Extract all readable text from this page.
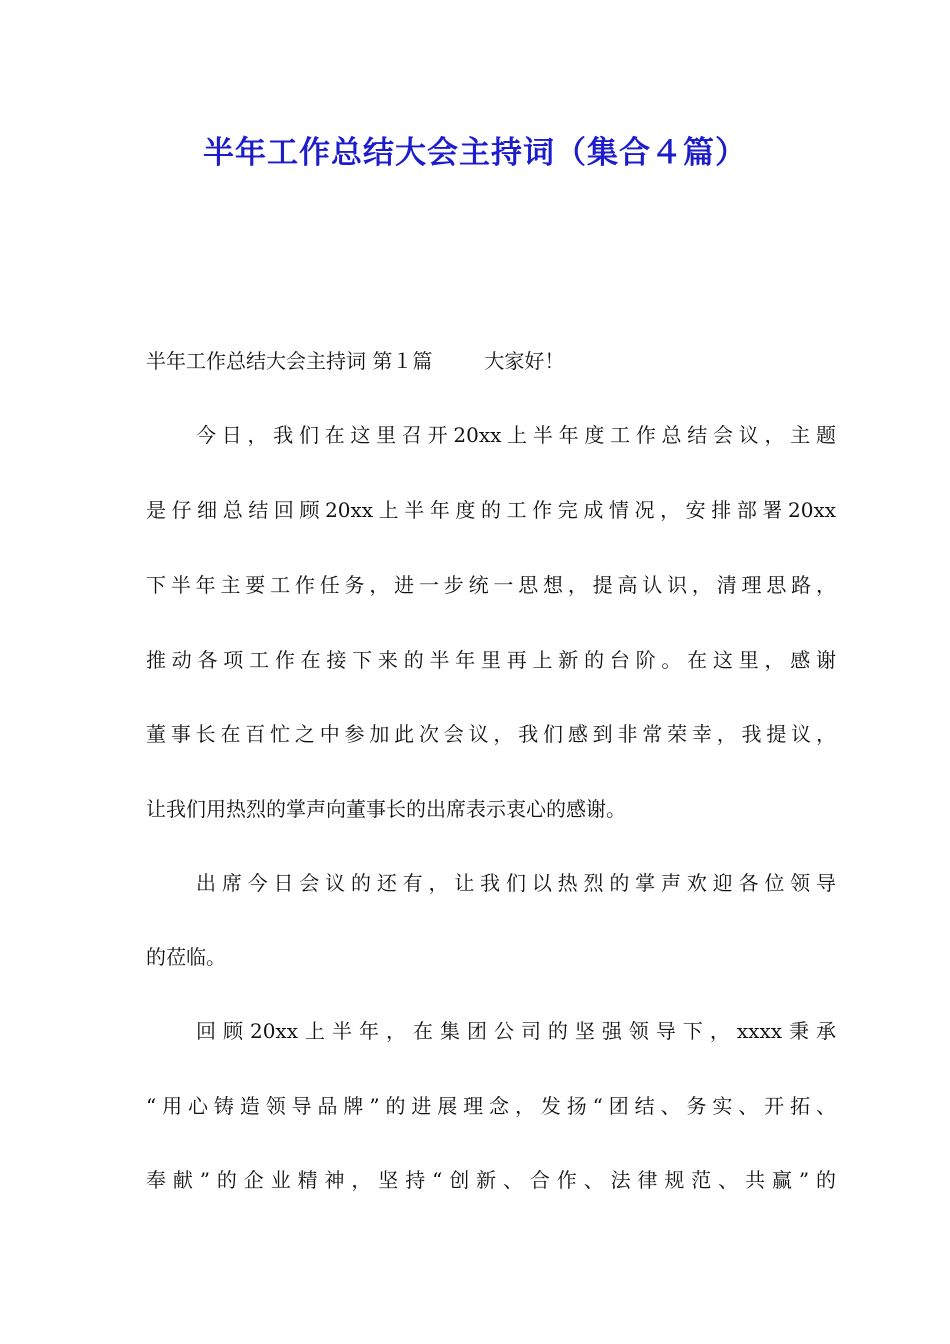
半年工作总结大会主持词（集合４篇）
半年工作总结大会主持词 第１篇	大家好！

今日，我们在这里召开20xx上半年度工作总结会议，主题

是仔细总结回顾20xx上半年度的工作完成情况，安排部署20xx

下半年主要工作任务，进一步统一思想，提高认识，清理思路，

推动各项工作在接下来的半年里再上新的台阶。在这里，感谢

董事长在百忙之中参加此次会议，我们感到非常荣幸，我提议，

让我们用热烈的掌声向董事长的出席表示衷心的感谢。

出席今日会议的还有，让我们以热烈的掌声欢迎各位领导

的莅临。

回顾20xx上半年，在集团公司的坚强领导下，xxxx秉承

“用心铸造领导品牌”的进展理念，发扬“团结、务实、开拓、

奉献”的企业精神，坚持“创新、合作、法律规范、共赢”的
